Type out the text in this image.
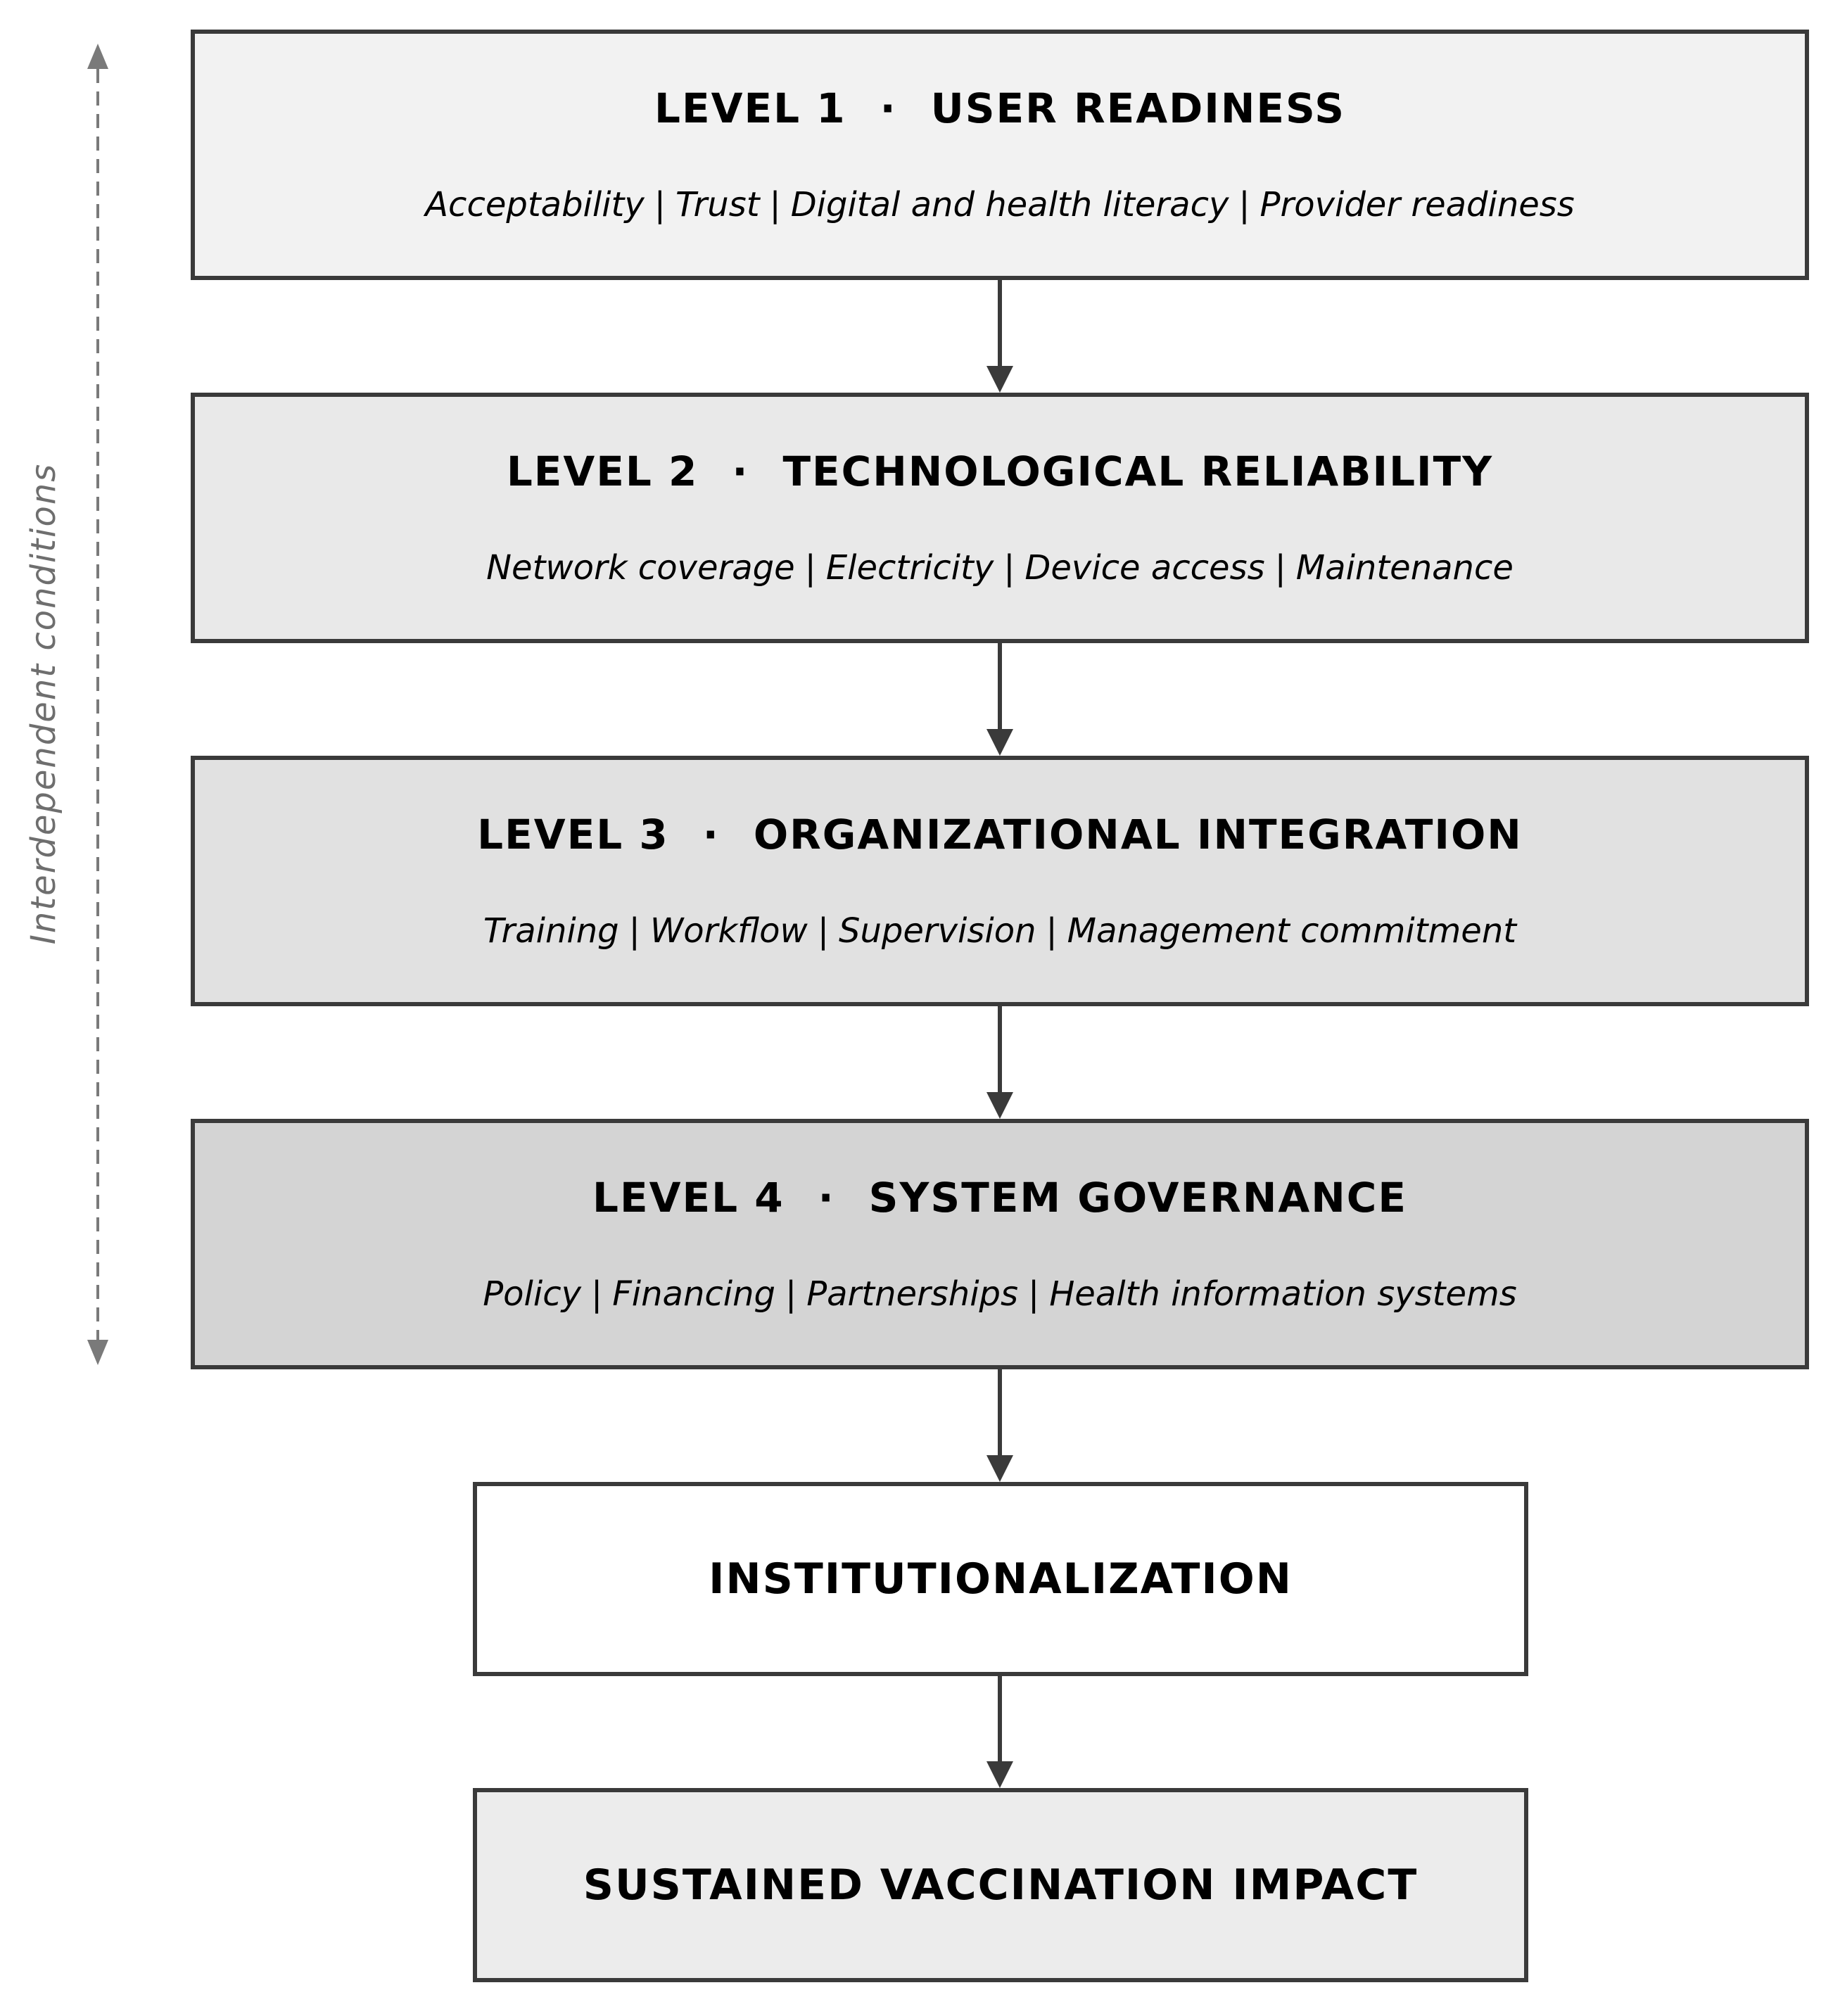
Interdependent conditions
LEVEL 1 · USER READINESS
Acceptability | Trust | Digital and health literacy | Provider readiness
LEVEL 2 · TECHNOLOGICAL RELIABILITY
Network coverage | Electricity | Device access | Maintenance
LEVEL 3 · ORGANIZATIONAL INTEGRATION
Training | Workflow | Supervision | Management commitment
LEVEL 4 · SYSTEM GOVERNANCE
Policy | Financing | Partnerships | Health information systems
INSTITUTIONALIZATION
SUSTAINED VACCINATION IMPACT
